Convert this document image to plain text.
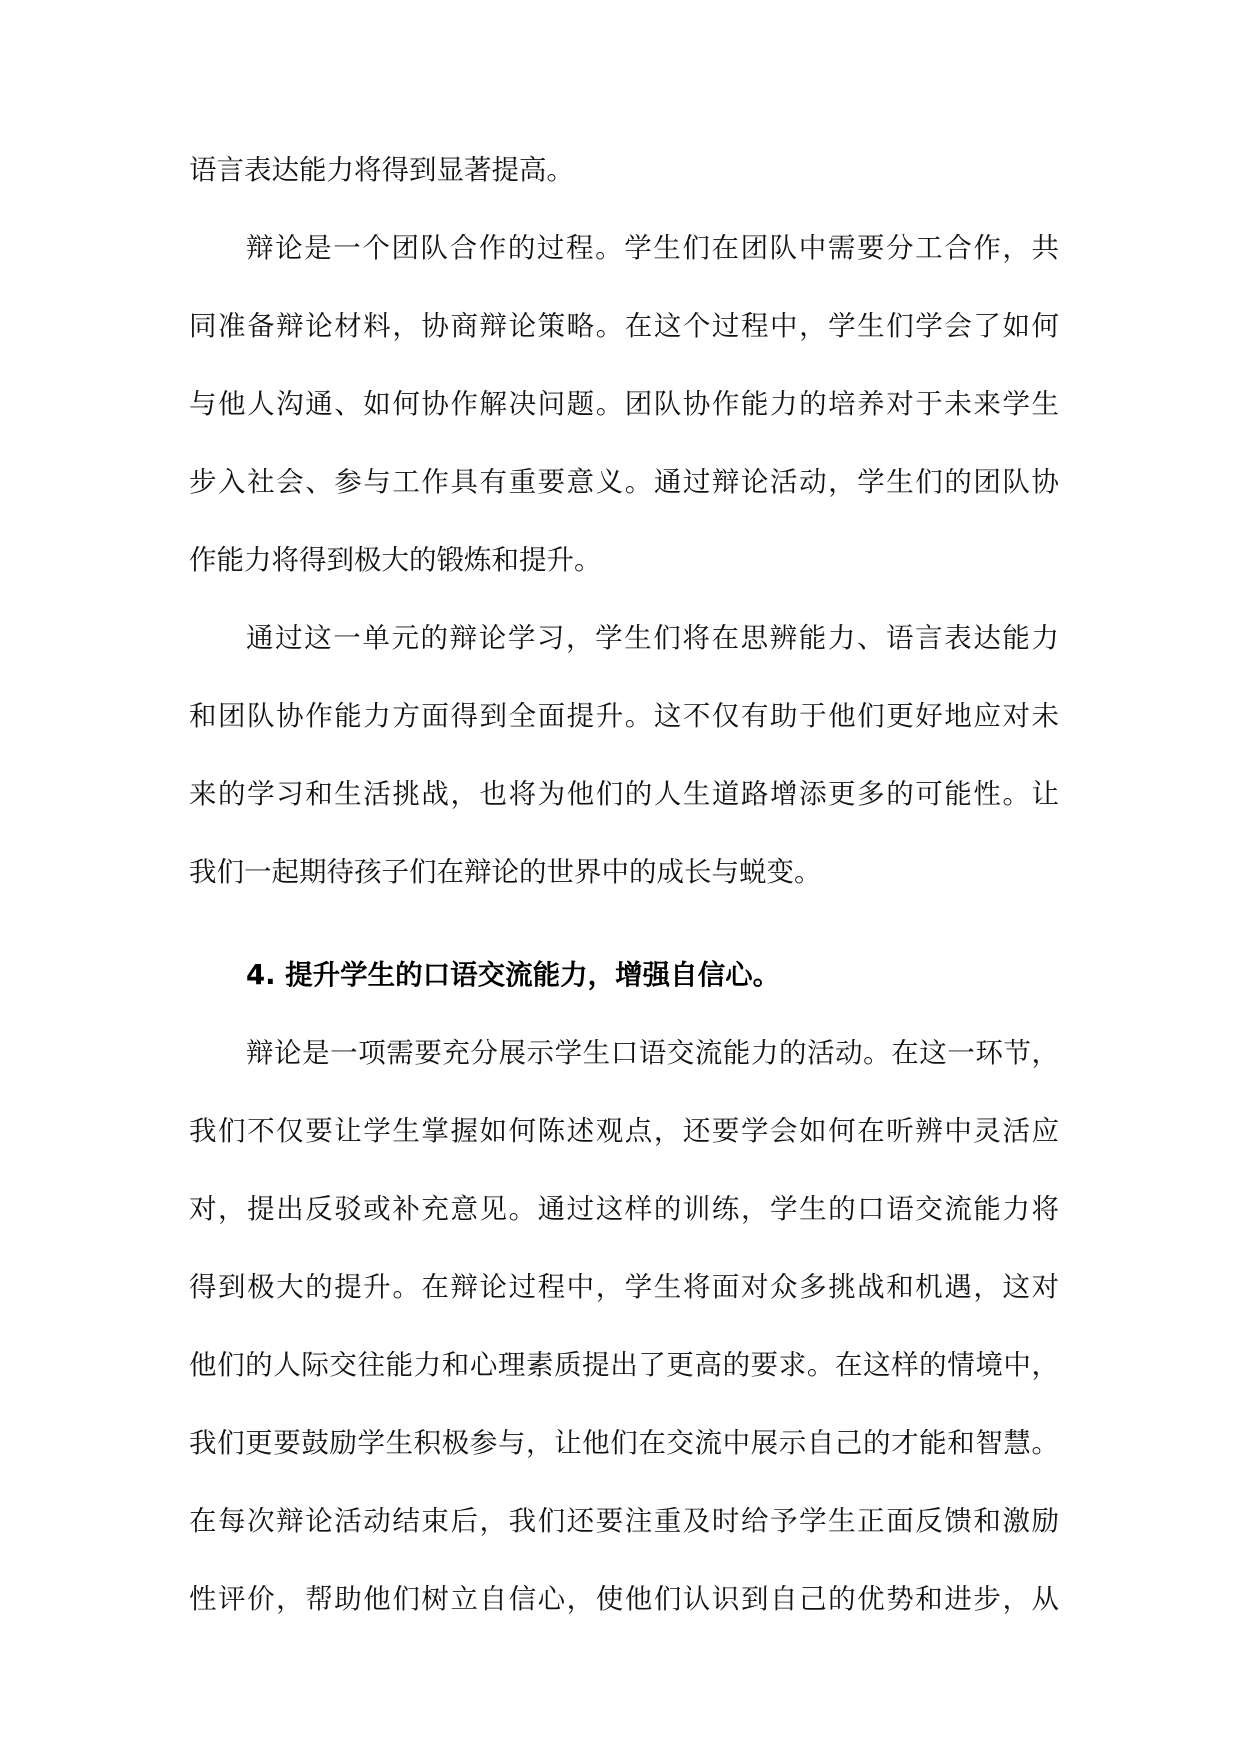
语言表达能力将得到显著提高。
辩论是一个团队合作的过程。学生们在团队中需要分工合作，共
同准备辩论材料，协商辩论策略。在这个过程中，学生们学会了如何
与他人沟通、如何协作解决问题。团队协作能力的培养对于未来学生
步入社会、参与工作具有重要意义。通过辩论活动，学生们的团队协
作能力将得到极大的锻炼和提升。
通过这一单元的辩论学习，学生们将在思辨能力、语言表达能力
和团队协作能力方面得到全面提升。这不仅有助于他们更好地应对未
来的学习和生活挑战，也将为他们的人生道路增添更多的可能性。让
我们一起期待孩子们在辩论的世界中的成长与蜕变。
4. 提升学生的口语交流能力，增强自信心。
辩论是一项需要充分展示学生口语交流能力的活动。在这一环节，
我们不仅要让学生掌握如何陈述观点，还要学会如何在听辨中灵活应
对，提出反驳或补充意见。通过这样的训练，学生的口语交流能力将
得到极大的提升。在辩论过程中，学生将面对众多挑战和机遇，这对
他们的人际交往能力和心理素质提出了更高的要求。在这样的情境中，
我们更要鼓励学生积极参与，让他们在交流中展示自己的才能和智慧。
在每次辩论活动结束后，我们还要注重及时给予学生正面反馈和激励
性评价，帮助他们树立自信心，使他们认识到自己的优势和进步，从
